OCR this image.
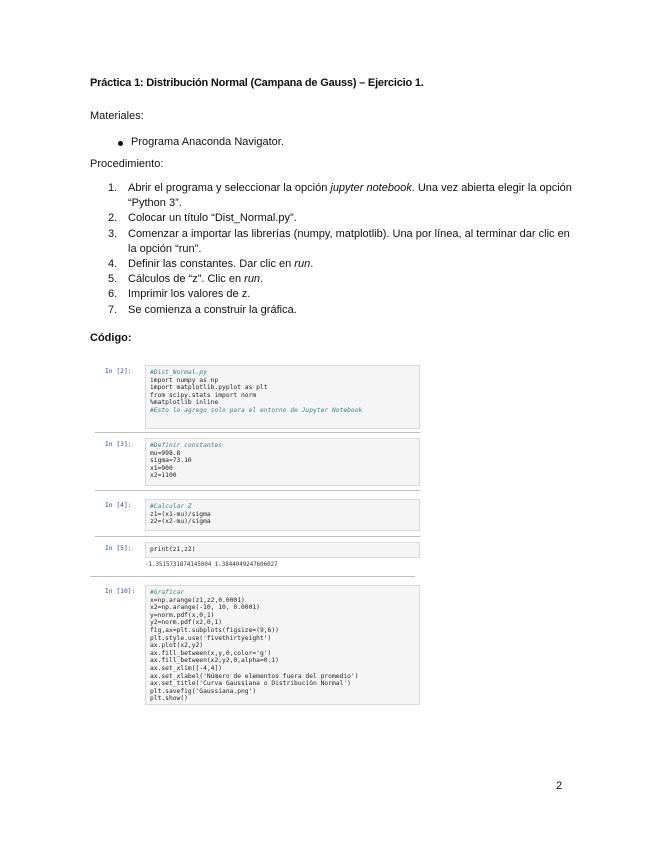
Práctica 1: Distribución Normal (Campana de Gauss) – Ejercicio 1.
Materiales:
Programa Anaconda Navigator.
Procedimiento:
1. Abrir el programa y seleccionar la opción jupyter notebook. Una vez abierta elegir la opción “Python 3”.
2. Colocar un título “Dist_Normal.py”.
3. Comenzar a importar las librerías (numpy, matplotlib). Una por línea, al terminar dar clic en la opción “run”.
4. Definir las constantes. Dar clic en run.
5. Cálculos de “z”. Clic en run.
6. Imprimir los valores de z.
7. Se comienza a construir la gráfica.
Código:
In [2]:	#Dist_Normal.py
import numpy as np
import matplotlib.pyplot as plt
from scipy.stats import norm
%matplotlib inline
#Esto lo agrego solo para el entorno de Jupyter Notebook
In [3]:	#Definir constantes
mu=998.8
sigma=73.10
x1=900
x2=1100
In [4]:	#Calcular Z
z1=(x1-mu)/sigma
z2=(x2-mu)/sigma
In [5]:	print(z1,z2)
-1.3515731874145004 1.3844049247606027
In [10]: #Graficar
x=np.arange(z1,z2,0.0001)
x2=np.arange(-10, 10, 0.0001)
y=norm.pdf(x,0,1)
y2=norm.pdf(x2,0,1)
fig,ax=plt.subplots(figsize=(9,6))
plt.style.use('fivethirtyeight')
ax.plot(x2,y2)
ax.fill_between(x,y,0,color='g')
ax.fill_between(x2,y2,0,alpha=0.1)
ax.set_xlim([-4,4])
ax.set_xlabel('Número de elementos fuera del promedio')
ax.set_title('Curva Gaussiana o Distribución Normal')
plt.savefig('Gaussiana.png')
plt.show()
2
